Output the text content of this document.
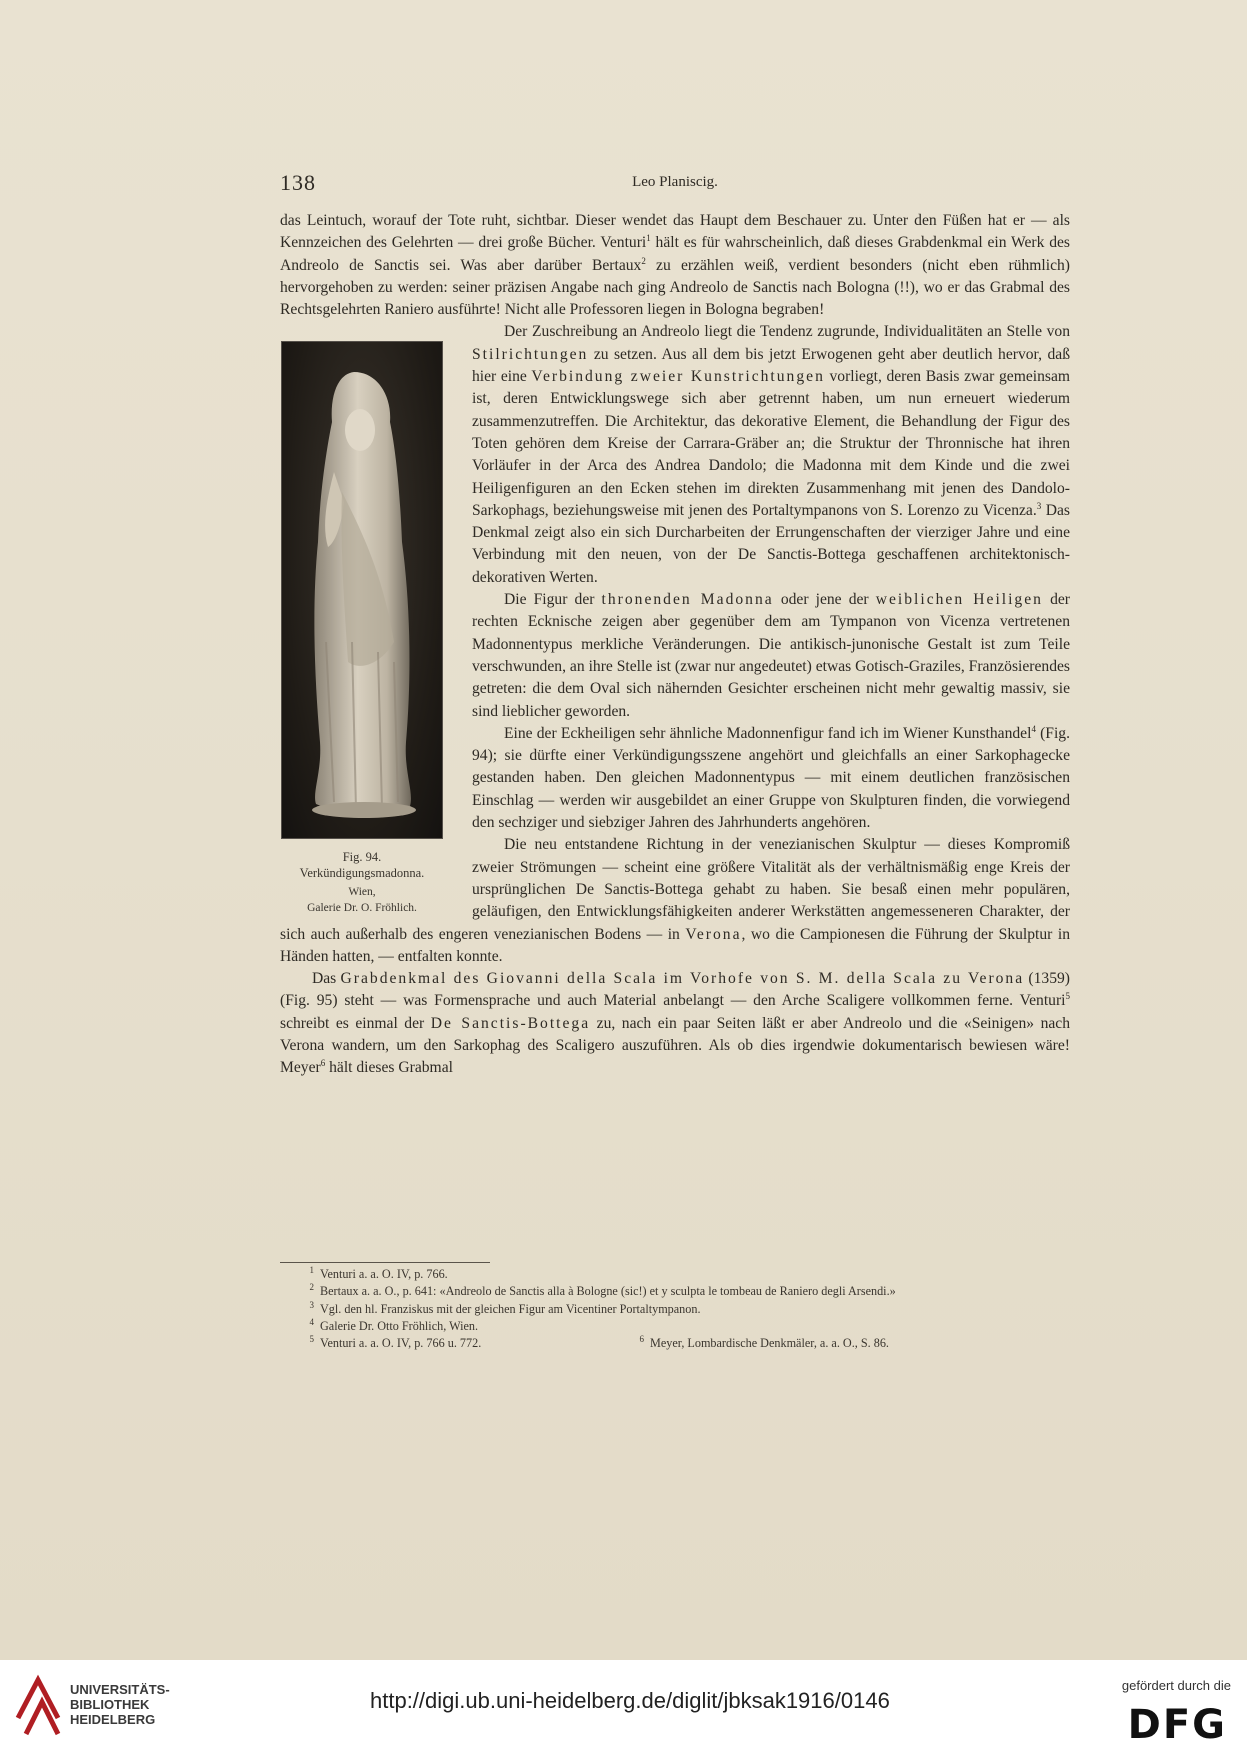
138	Leo Planiscig.

das Leintuch, worauf der Tote ruht, sichtbar. Dieser wendet das Haupt dem Beschauer zu. Unter den Füßen hat er — als Kennzeichen des Gelehrten — drei große Bücher. Venturi$^1$ hält es für wahrscheinlich, daß dieses Grabdenkmal ein Werk des Andreolo de Sanctis sei. Was aber darüber Bertaux$^2$ zu erzählen weiß, verdient besonders (nicht eben rühmlich) hervorgehoben zu werden: seiner präzisen Angabe nach ging Andreolo de Sanctis nach Bologna (!!), wo er das Grabmal des Rechtsgelehrten Raniero ausführte! Nicht alle Professoren liegen in Bologna begraben!

Fig. 94.
Verkündigungsmadonna.
Wien,
Galerie Dr. O. Fröhlich.

Der Zuschreibung an Andreolo liegt die Tendenz zugrunde, Individualitäten an Stelle von Stilrichtungen zu setzen. Aus all dem bis jetzt Erwogenen geht aber deutlich hervor, daß hier eine Verbindung zweier Kunstrichtungen vorliegt, deren Basis zwar gemeinsam ist, deren Entwicklungswege sich aber getrennt haben, um nun erneuert wiederum zusammenzutreffen. Die Architektur, das dekorative Element, die Behandlung der Figur des Toten gehören dem Kreise der Carrara-Gräber an; die Struktur der Thronnische hat ihren Vorläufer in der Arca des Andrea Dandolo; die Madonna mit dem Kinde und die zwei Heiligenfiguren an den Ecken stehen im direkten Zusammenhang mit jenen des Dandolo-Sarkophags, beziehungsweise mit jenen des Portaltympanons von S. Lorenzo zu Vicenza.$^3$ Das Denkmal zeigt also ein sich Durcharbeiten der Errungenschaften der vierziger Jahre und eine Verbindung mit den neuen, von der De Sanctis-Bottega geschaffenen architektonisch-dekorativen Werten.

Die Figur der thronenden Madonna oder jene der weiblichen Heiligen der rechten Ecknische zeigen aber gegenüber dem am Tympanon von Vicenza vertretenen Madonnentypus merkliche Veränderungen. Die antikisch-junonische Gestalt ist zum Teile verschwunden, an ihre Stelle ist (zwar nur angedeutet) etwas Gotisch-Graziles, Französierendes getreten: die dem Oval sich nähernden Gesichter erscheinen nicht mehr gewaltig massiv, sie sind lieblicher geworden.

Eine der Eckheiligen sehr ähnliche Madonnenfigur fand ich im Wiener Kunsthandel$^4$ (Fig. 94); sie dürfte einer Verkündigungsszene angehört und gleichfalls an einer Sarkophagecke gestanden haben. Den gleichen Madonnentypus — mit einem deutlichen französischen Einschlag — werden wir ausgebildet an einer Gruppe von Skulpturen finden, die vorwiegend den sechziger und siebziger Jahren des Jahrhunderts angehören.

Die neu entstandene Richtung in der venezianischen Skulptur — dieses Kompromiß zweier Strömungen — scheint eine größere Vitalität als der verhältnismäßig enge Kreis der ursprünglichen De Sanctis-Bottega gehabt zu haben. Sie besaß einen mehr populären, geläufigen, den Entwicklungsfähigkeiten anderer Werkstätten angemesseneren Charakter, der sich auch außerhalb des engeren venezianischen Bodens — in Verona, wo die Campionesen die Führung der Skulptur in Händen hatten, — entfalten konnte.

Das Grabdenkmal des Giovanni della Scala im Vorhofe von S. M. della Scala zu Verona (1359) (Fig. 95) steht — was Formensprache und auch Material anbelangt — den Arche Scaligere vollkommen ferne. Venturi$^5$ schreibt es einmal der De Sanctis-Bottega zu, nach ein paar Seiten läßt er aber Andreolo und die «Seinigen» nach Verona wandern, um den Sarkophag des Scaligero auszuführen. Als ob dies irgendwie dokumentarisch bewiesen wäre! Meyer$^6$ hält dieses Grabmal

$^1$ Venturi a. a. O. IV, p. 766.

$^2$ Bertaux a. a. O., p. 641: «Andreolo de Sanctis alla à Bologne (sic!) et y sculpta le tombeau de Raniero degli Arsendi.»

$^3$ Vgl. den hl. Franziskus mit der gleichen Figur am Vicentiner Portaltympanon.

$^4$ Galerie Dr. Otto Fröhlich, Wien.

$^5$ Venturi a. a. O. IV, p. 766 u. 772.	$^6$ Meyer, Lombardische Denkmäler, a. a. O., S. 86.

UNIVERSITÄTS-
BIBLIOTHEK
HEIDELBERG
http://digi.ub.uni-heidelberg.de/diglit/jbksak1916/0146
gefördert durch die
DFG
